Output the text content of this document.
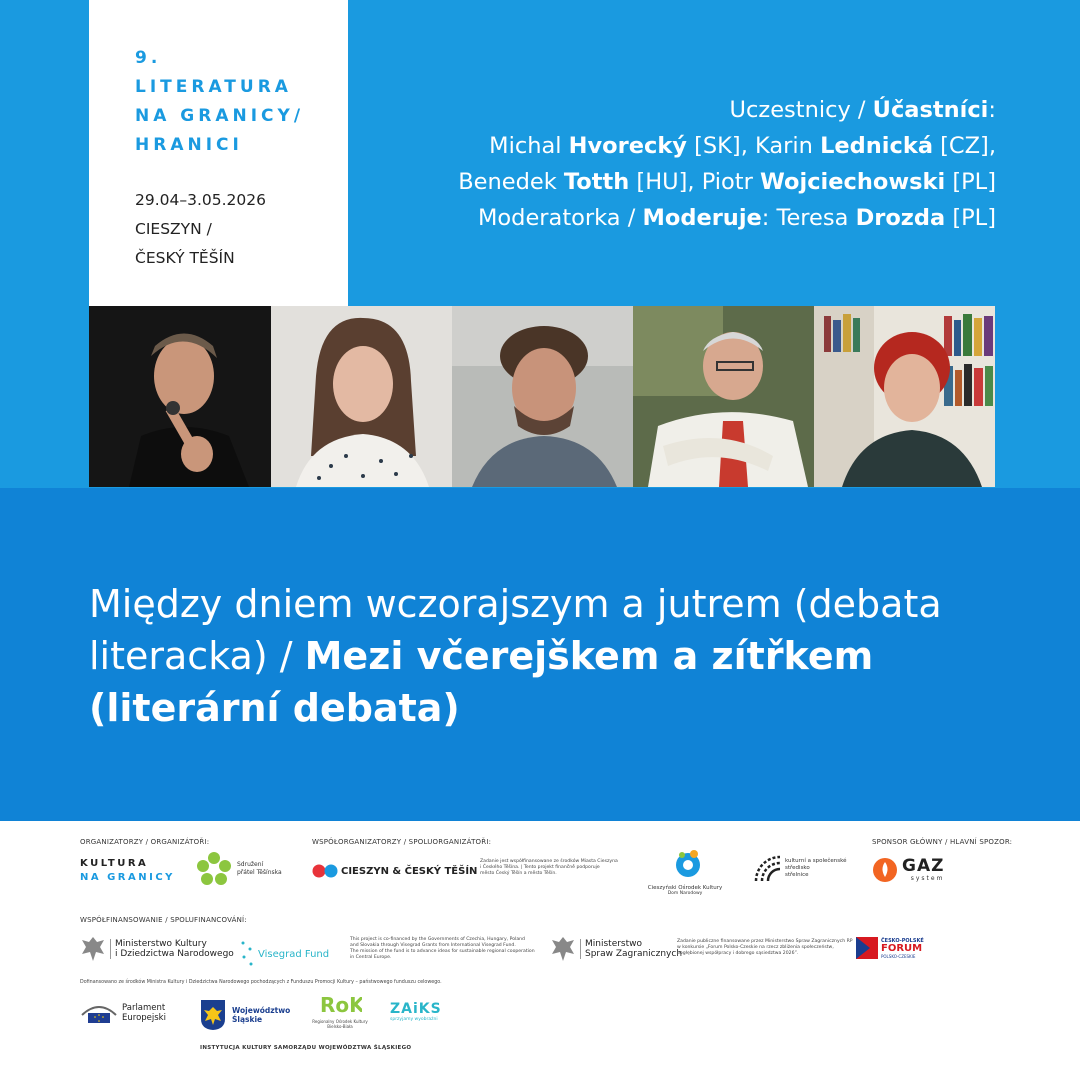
9.
LITERATURA
NA GRANICY/
HRANICI
29.04–3.05.2026
CIESZYN /
ČESKÝ TĚŠÍN
Uczestnicy / Účastníci:
Michal Hvorecký [SK], Karin Lednická [CZ],
Benedek Totth [HU], Piotr Wojciechowski [PL]
Moderatorka / Moderuje: Teresa Drozda [PL]
Między dniem wczorajszym a jutrem (debata literacka) / Mezi včerejškem a zítřkem (literární debata)
ORGANIZATORZY / ORGANIZÁTOŘI:	WSPÓŁORGANIZATORZY / SPOLUORGANIZÁTOŘI:	SPONSOR GŁÓWNY / HLAVNÍ SPOZOR:
KULTURA
NA GRANICY
Sdružení
přátel Těšínska	CIESZYN & ČESKÝ TĚŠÍN
Zadanie jest współfinansowane ze środków Miasta Cieszyna
i Českého Těšína. | Tento projekt finančně podporuje
město Český Těšín a město Těšín.
Cieszyński Ośrodek Kultury
Dom Narodowy
kulturní a společenské
středisko
střelnice	GAZ
system
WSPÓŁFINANSOWANIE / SPOLUFINANCOVÁNÍ:
Ministerstwo Kultury
i Dziedzictwa Narodowego Visegrad Fund
This project is co-financed by the Governments of Czechia, Hungary, Poland
and Slovakia through Visegrad Grants from International Visegrad Fund.
The mission of the fund is to advance ideas for sustainable regional cooperation
in Central Europe.
Ministerstwo
Spraw Zagranicznych
Zadanie publiczne finansowane przez Ministerstwo Spraw Zagranicznych RP
w konkursie „Forum Polsko-Czeskie na rzecz zbliżenia społeczeństw,
pogłębionej współpracy i dobrego sąsiedztwa 2026”.
ČESKO-POLSKÉ
FORUM
POLSKO-CZESKIE
Dofinansowano ze środków Ministra Kultury i Dziedzictwa Narodowego pochodzących z Funduszu Promocji Kultury – państwowego funduszu celowego.
Parlament
Europejski
Województwo
Śląskie
RoK
Regionalny Ośrodek Kultury
Bielsko-Biała
ZAiKS
sprzyjamy wyobraźni
INSTYTUCJA KULTURY SAMORZĄDU WOJEWÓDZTWA ŚLĄSKIEGO
